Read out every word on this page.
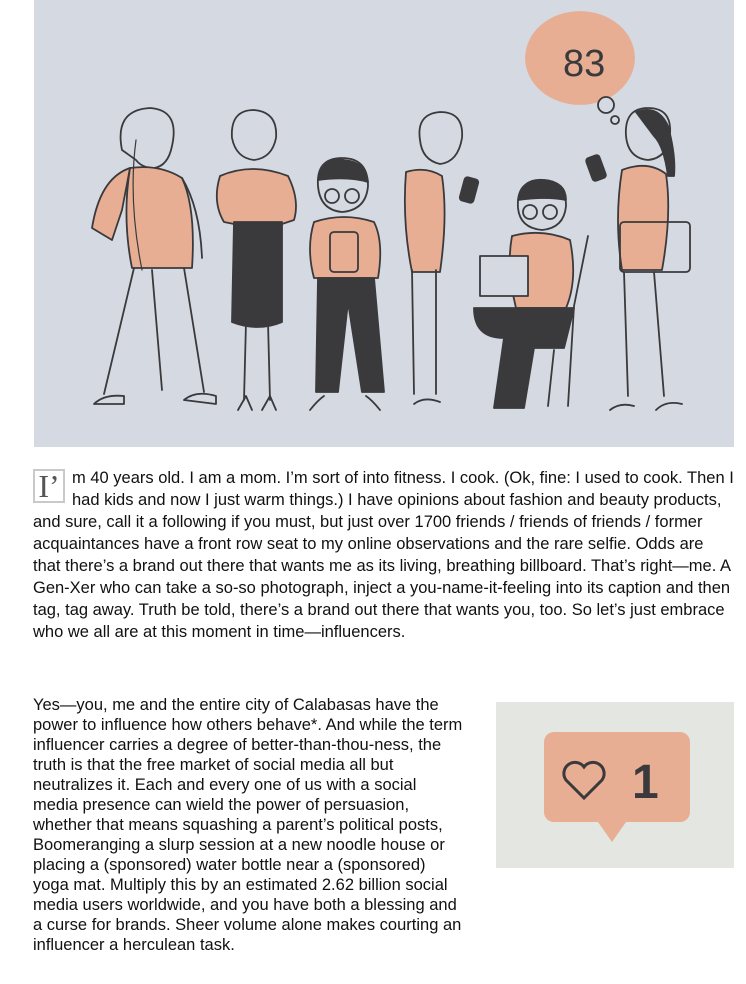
83

I’ m 40 years old. I am a mom. I’m sort of into fitness. I cook. (Ok, fine: I used to cook. Then I had kids and now I just warm things.) I have opinions about fashion and beauty products, and sure, call it a following if you must, but just over 1700 friends / friends of friends / former acquaintances have a front row seat to my online observations and the rare selfie. Odds are that there’s a brand out there that wants me as its living, breathing billboard. That’s right—me. A Gen-Xer who can take a so-so photograph, inject a you-name-it-feeling into its caption and then tag, tag away. Truth be told, there’s a brand out there that wants you, too. So let’s just embrace who we all are at this moment in time—influencers.

Yes—you, me and the entire city of Calabasas have the power to influence how others behave*. And while the term influencer carries a degree of better-than-thou-ness, the truth is that the free market of social media all but neutralizes it. Each and every one of us with a social media presence can wield the power of persuasion, whether that means squashing a parent’s political posts, Boomeranging a slurp session at a new noodle house or placing a (sponsored) water bottle near a (sponsored) yoga mat. Multiply this by an estimated 2.62 billion social media users worldwide, and you have both a blessing and a curse for brands. Sheer volume alone makes courting an influencer a herculean task.

1
